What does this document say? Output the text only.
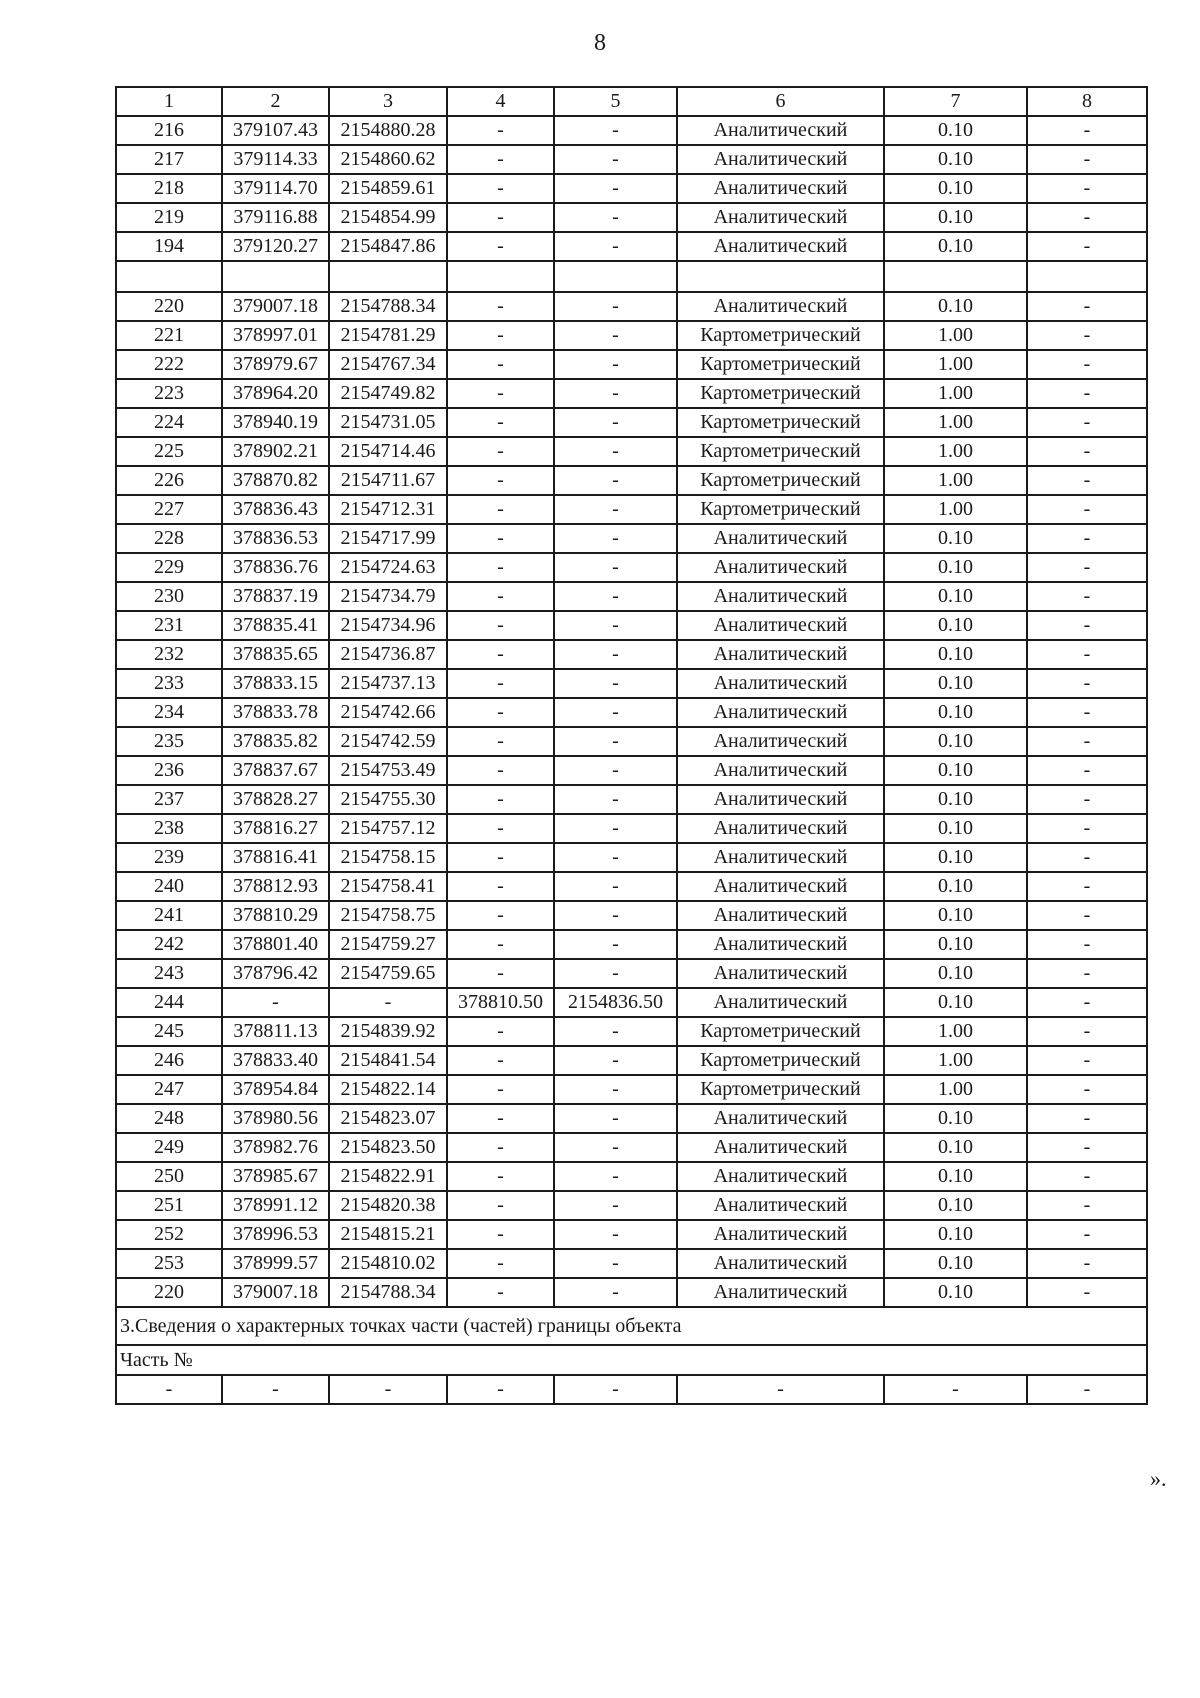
8
1	2	3	4	5	6	7	8
216	379107.43	2154880.28	-	-	Аналитический	0.10	-
217	379114.33	2154860.62	-	-	Аналитический	0.10	-
218	379114.70	2154859.61	-	-	Аналитический	0.10	-
219	379116.88	2154854.99	-	-	Аналитический	0.10	-
194	379120.27	2154847.86	-	-	Аналитический	0.10	-

220	379007.18	2154788.34	-	-	Аналитический	0.10	-
221	378997.01	2154781.29	-	-	Картометрический	1.00	-
222	378979.67	2154767.34	-	-	Картометрический	1.00	-
223	378964.20	2154749.82	-	-	Картометрический	1.00	-
224	378940.19	2154731.05	-	-	Картометрический	1.00	-
225	378902.21	2154714.46	-	-	Картометрический	1.00	-
226	378870.82	2154711.67	-	-	Картометрический	1.00	-
227	378836.43	2154712.31	-	-	Картометрический	1.00	-
228	378836.53	2154717.99	-	-	Аналитический	0.10	-
229	378836.76	2154724.63	-	-	Аналитический	0.10	-
230	378837.19	2154734.79	-	-	Аналитический	0.10	-
231	378835.41	2154734.96	-	-	Аналитический	0.10	-
232	378835.65	2154736.87	-	-	Аналитический	0.10	-
233	378833.15	2154737.13	-	-	Аналитический	0.10	-
234	378833.78	2154742.66	-	-	Аналитический	0.10	-
235	378835.82	2154742.59	-	-	Аналитический	0.10	-
236	378837.67	2154753.49	-	-	Аналитический	0.10	-
237	378828.27	2154755.30	-	-	Аналитический	0.10	-
238	378816.27	2154757.12	-	-	Аналитический	0.10	-
239	378816.41	2154758.15	-	-	Аналитический	0.10	-
240	378812.93	2154758.41	-	-	Аналитический	0.10	-
241	378810.29	2154758.75	-	-	Аналитический	0.10	-
242	378801.40	2154759.27	-	-	Аналитический	0.10	-
243	378796.42	2154759.65	-	-	Аналитический	0.10	-
244	-	-	378810.50	2154836.50	Аналитический	0.10	-
245	378811.13	2154839.92	-	-	Картометрический	1.00	-
246	378833.40	2154841.54	-	-	Картометрический	1.00	-
247	378954.84	2154822.14	-	-	Картометрический	1.00	-
248	378980.56	2154823.07	-	-	Аналитический	0.10	-
249	378982.76	2154823.50	-	-	Аналитический	0.10	-
250	378985.67	2154822.91	-	-	Аналитический	0.10	-
251	378991.12	2154820.38	-	-	Аналитический	0.10	-
252	378996.53	2154815.21	-	-	Аналитический	0.10	-
253	378999.57	2154810.02	-	-	Аналитический	0.10	-
220	379007.18	2154788.34	-	-	Аналитический	0.10	-
3.Сведения о характерных точках части (частей) границы объекта							
Часть №							
-	-	-	-	-	-	-	-
».
